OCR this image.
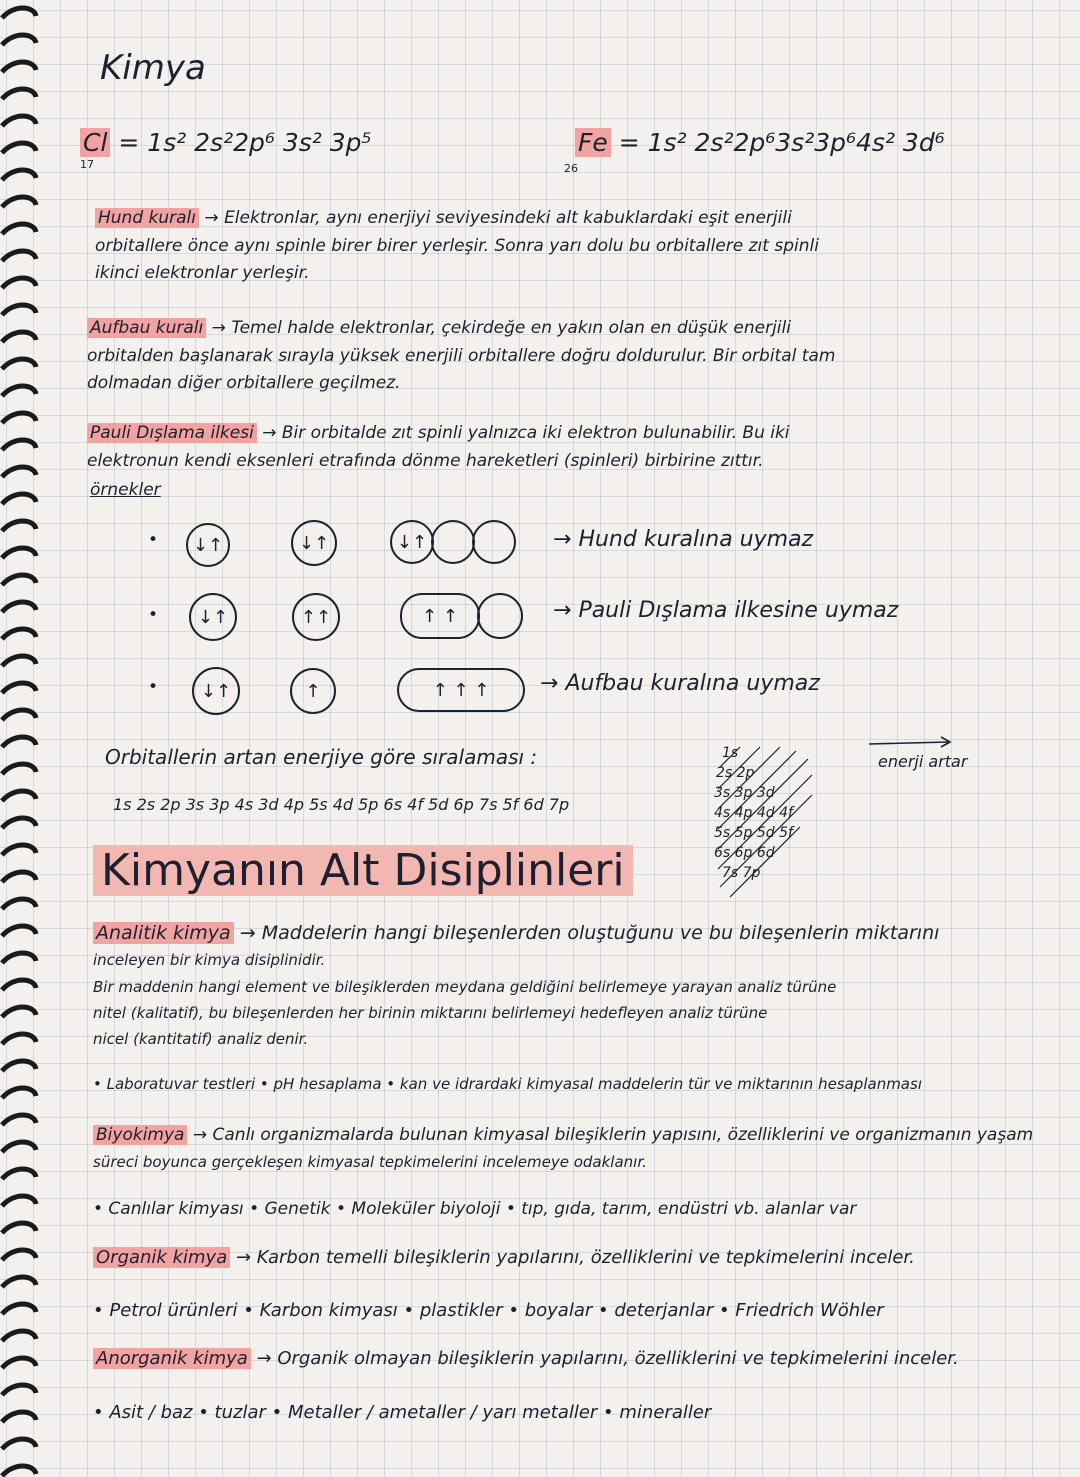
Kimya
Cl = 1s² 2s²2p⁶ 3s² 3p⁵
17
Fe = 1s² 2s²2p⁶3s²3p⁶4s² 3d⁶
26
Hund kuralı → Elektronlar, aynı enerjiyi seviyesindeki alt kabuklardaki eşit enerjili
orbitallere önce aynı spinle birer birer yerleşir. Sonra yarı dolu bu orbitallere zıt spinli
ikinci elektronlar yerleşir.
Aufbau kuralı → Temel halde elektronlar, çekirdeğe en yakın olan en düşük enerjili
orbitalden başlanarak sırayla yüksek enerjili orbitallere doğru doldurulur. Bir orbital tam
dolmadan diğer orbitallere geçilmez.
Pauli Dışlama ilkesi → Bir orbitalde zıt spinli yalnızca iki elektron bulunabilir. Bu iki
elektronun kendi eksenleri etrafında dönme hareketleri (spinleri) birbirine zıttır.
örnekler
•	↓↑	↓↑	↓↑	→ Hund kuralına uymaz
•	↓↑	↑↑	↑ ↑	→ Pauli Dışlama ilkesine uymaz
•	↓↑	↑	↑ ↑ ↑	→ Aufbau kuralına uymaz
Orbitallerin artan enerjiye göre sıralaması :
1s 2s 2p 3s 3p 4s 3d 4p 5s 4d 5p 6s 4f 5d 6p 7s 5f 6d 7p
enerji artar
1s
2s 2p
3s 3p 3d
4s 4p 4d 4f
5s 5p 5d 5f
6s 6p 6d
7s 7p
Kimyanın Alt Disiplinleri
Analitik kimya → Maddelerin hangi bileşenlerden oluştuğunu ve bu bileşenlerin miktarını
inceleyen bir kimya disiplinidir.
Bir maddenin hangi element ve bileşiklerden meydana geldiğini belirlemeye yarayan analiz türüne
nitel (kalitatif), bu bileşenlerden her birinin miktarını belirlemeyi hedefleyen analiz türüne
nicel (kantitatif) analiz denir.
• Laboratuvar testleri • pH hesaplama • kan ve idrardaki kimyasal maddelerin tür ve miktarının hesaplanması
Biyokimya → Canlı organizmalarda bulunan kimyasal bileşiklerin yapısını, özelliklerini ve organizmanın yaşam
süreci boyunca gerçekleşen kimyasal tepkimelerini incelemeye odaklanır.
• Canlılar kimyası • Genetik • Moleküler biyoloji • tıp, gıda, tarım, endüstri vb. alanlar var
Organik kimya → Karbon temelli bileşiklerin yapılarını, özelliklerini ve tepkimelerini inceler.
• Petrol ürünleri • Karbon kimyası • plastikler • boyalar • deterjanlar • Friedrich Wöhler
Anorganik kimya → Organik olmayan bileşiklerin yapılarını, özelliklerini ve tepkimelerini inceler.
• Asit / baz • tuzlar • Metaller / ametaller / yarı metaller • mineraller
